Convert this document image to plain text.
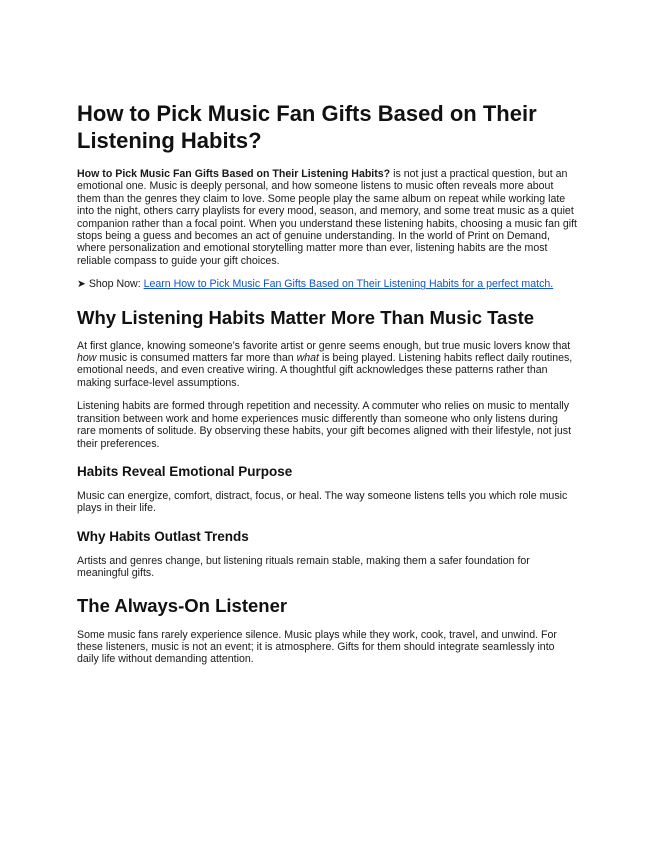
How to Pick Music Fan Gifts Based on Their Listening Habits?

How to Pick Music Fan Gifts Based on Their Listening Habits? is not just a practical question, but an emotional one. Music is deeply personal, and how someone listens to music often reveals more about them than the genres they claim to love. Some people play the same album on repeat while working late into the night, others carry playlists for every mood, season, and memory, and some treat music as a quiet companion rather than a focal point. When you understand these listening habits, choosing a music fan gift stops being a guess and becomes an act of genuine understanding. In the world of Print on Demand, where personalization and emotional storytelling matter more than ever, listening habits are the most reliable compass to guide your gift choices.

➤ Shop Now: Learn How to Pick Music Fan Gifts Based on Their Listening Habits for a perfect match.

Why Listening Habits Matter More Than Music Taste

At first glance, knowing someone’s favorite artist or genre seems enough, but true music lovers know that how music is consumed matters far more than what is being played. Listening habits reflect daily routines, emotional needs, and even creative wiring. A thoughtful gift acknowledges these patterns rather than making surface-level assumptions.

Listening habits are formed through repetition and necessity. A commuter who relies on music to mentally transition between work and home experiences music differently than someone who only listens during rare moments of solitude. By observing these habits, your gift becomes aligned with their lifestyle, not just their preferences.

Habits Reveal Emotional Purpose

Music can energize, comfort, distract, focus, or heal. The way someone listens tells you which role music plays in their life.

Why Habits Outlast Trends

Artists and genres change, but listening rituals remain stable, making them a safer foundation for meaningful gifts.

The Always-On Listener

Some music fans rarely experience silence. Music plays while they work, cook, travel, and unwind. For these listeners, music is not an event; it is atmosphere. Gifts for them should integrate seamlessly into daily life without demanding attention.
